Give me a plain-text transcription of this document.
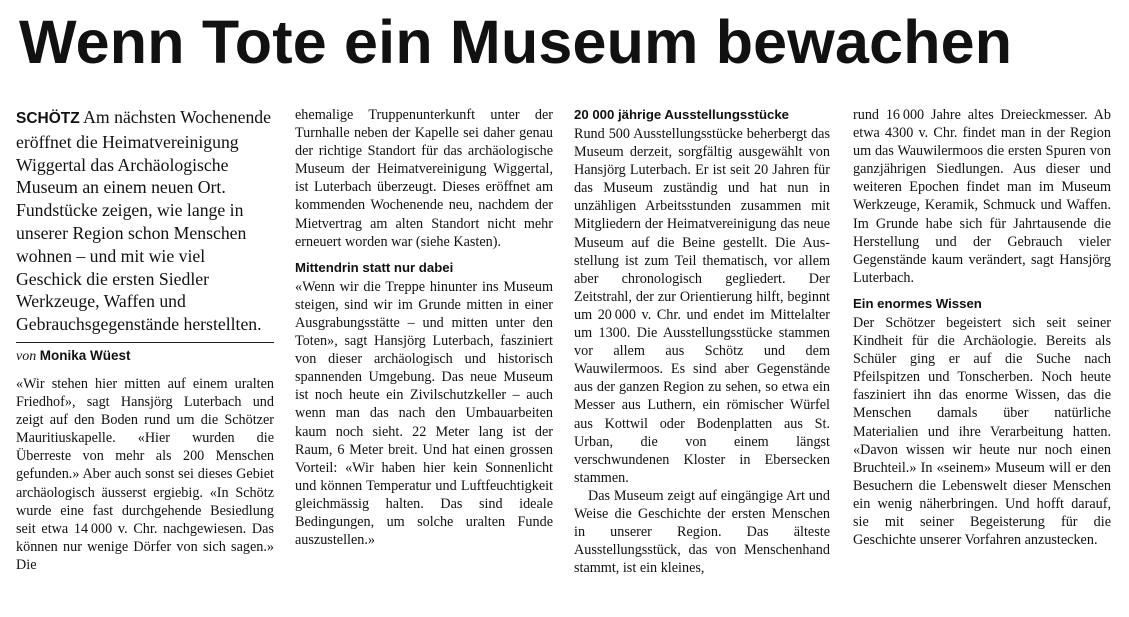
Wenn Tote ein Museum bewachen

SCHÖTZ Am nächsten Wochenende eröffnet die Heimatvereinigung Wiggertal das Archäologische Museum an einem neuen Ort. Fundstücke zeigen, wie lange in unserer Region schon Menschen wohnen – und mit wie viel Geschick die ersten Siedler Werkzeuge, Waffen und Gebrauchsgegenstände herstellten.

von Monika Wüest

«Wir stehen hier mitten auf einem uralten Friedhof», sagt Hansjörg Luterbach und zeigt auf den Boden rund um die Schötzer Mauritiuskapelle. «Hier wurden die Überreste von mehr als 200 Menschen gefunden.» Aber auch sonst sei dieses Gebiet archäologisch äusserst ergiebig. «In Schötz wurde eine fast durchgehende Besiedlung seit etwa 14 000 v. Chr. nachgewiesen. Das können nur wenige Dörfer von sich sagen.» Die

ehemalige Truppenunterkunft unter der Turnhalle neben der Kapelle sei daher genau der richtige Standort für das archäologische Museum der Heimatvereinigung Wiggertal, ist Luterbach überzeugt. Dieses eröffnet am kommenden Wochenende neu, nachdem der Mietvertrag am alten Standort nicht mehr erneuert worden war (siehe Kasten).

Mittendrin statt nur dabei

«Wenn wir die Treppe hinunter ins Museum steigen, sind wir im Grunde mitten in einer Ausgrabungsstätte – und mitten unter den Toten», sagt Hansjörg Luterbach, fasziniert von dieser archäologisch und historisch spannenden Umgebung. Das neue Museum ist noch heute ein Zivilschutzkeller – auch wenn man das nach den Umbauarbeiten kaum noch sieht. 22 Meter lang ist der Raum, 6 Meter breit. Und hat einen grossen Vorteil: «Wir haben hier kein Sonnenlicht und können Temperatur und Luftfeuchtigkeit gleichmässig halten. Das sind ideale Bedingungen, um solche uralten Funde auszustellen.»

20 000 jährige Ausstellungsstücke

Rund 500 Ausstellungsstücke beherbergt das Museum derzeit, sorgfältig ausgewählt von Hansjörg Luterbach. Er ist seit 20 Jahren für das Museum zuständig und hat nun in unzähligen Arbeitsstunden zusammen mit Mitgliedern der Heimatvereinigung das neue Museum auf die Beine gestellt. Die Ausstellung ist zum Teil thematisch, vor allem aber chronologisch gegliedert. Der Zeitstrahl, der zur Orientierung hilft, beginnt um 20 000 v. Chr. und endet im Mittelalter um 1300. Die Ausstellungsstücke stammen vor allem aus Schötz und dem Wauwilermoos. Es sind aber Gegenstände aus der ganzen Region zu sehen, so etwa ein Messer aus Luthern, ein römischer Würfel aus Kottwil oder Bodenplatten aus St. Urban, die von einem längst verschwundenen Kloster in Ebersecken stammen.

Das Museum zeigt auf eingängige Art und Weise die Geschichte der ersten Menschen in unserer Region. Das älteste Ausstellungsstück, das von Menschenhand stammt, ist ein kleines,

rund 16 000 Jahre altes Dreieckmesser. Ab etwa 4300 v. Chr. findet man in der Region um das Wauwilermoos die ersten Spuren von ganzjährigen Siedlungen. Aus dieser und weiteren Epochen findet man im Museum Werkzeuge, Keramik, Schmuck und Waffen. Im Grunde habe sich für Jahrtausende die Herstellung und der Gebrauch vieler Gegenstände kaum verändert, sagt Hansjörg Luterbach.

Ein enormes Wissen

Der Schötzer begeistert sich seit seiner Kindheit für die Archäologie. Bereits als Schüler ging er auf die Suche nach Pfeilspitzen und Tonscherben. Noch heute fasziniert ihn das enorme Wissen, das die Menschen damals über natürliche Materialien und ihre Verarbeitung hatten. «Davon wissen wir heute nur noch einen Bruchteil.» In «seinem» Museum will er den Besuchern die Lebenswelt dieser Menschen ein wenig näherbringen. Und hofft darauf, sie mit seiner Begeisterung für die Geschichte unserer Vorfahren anzustecken.
